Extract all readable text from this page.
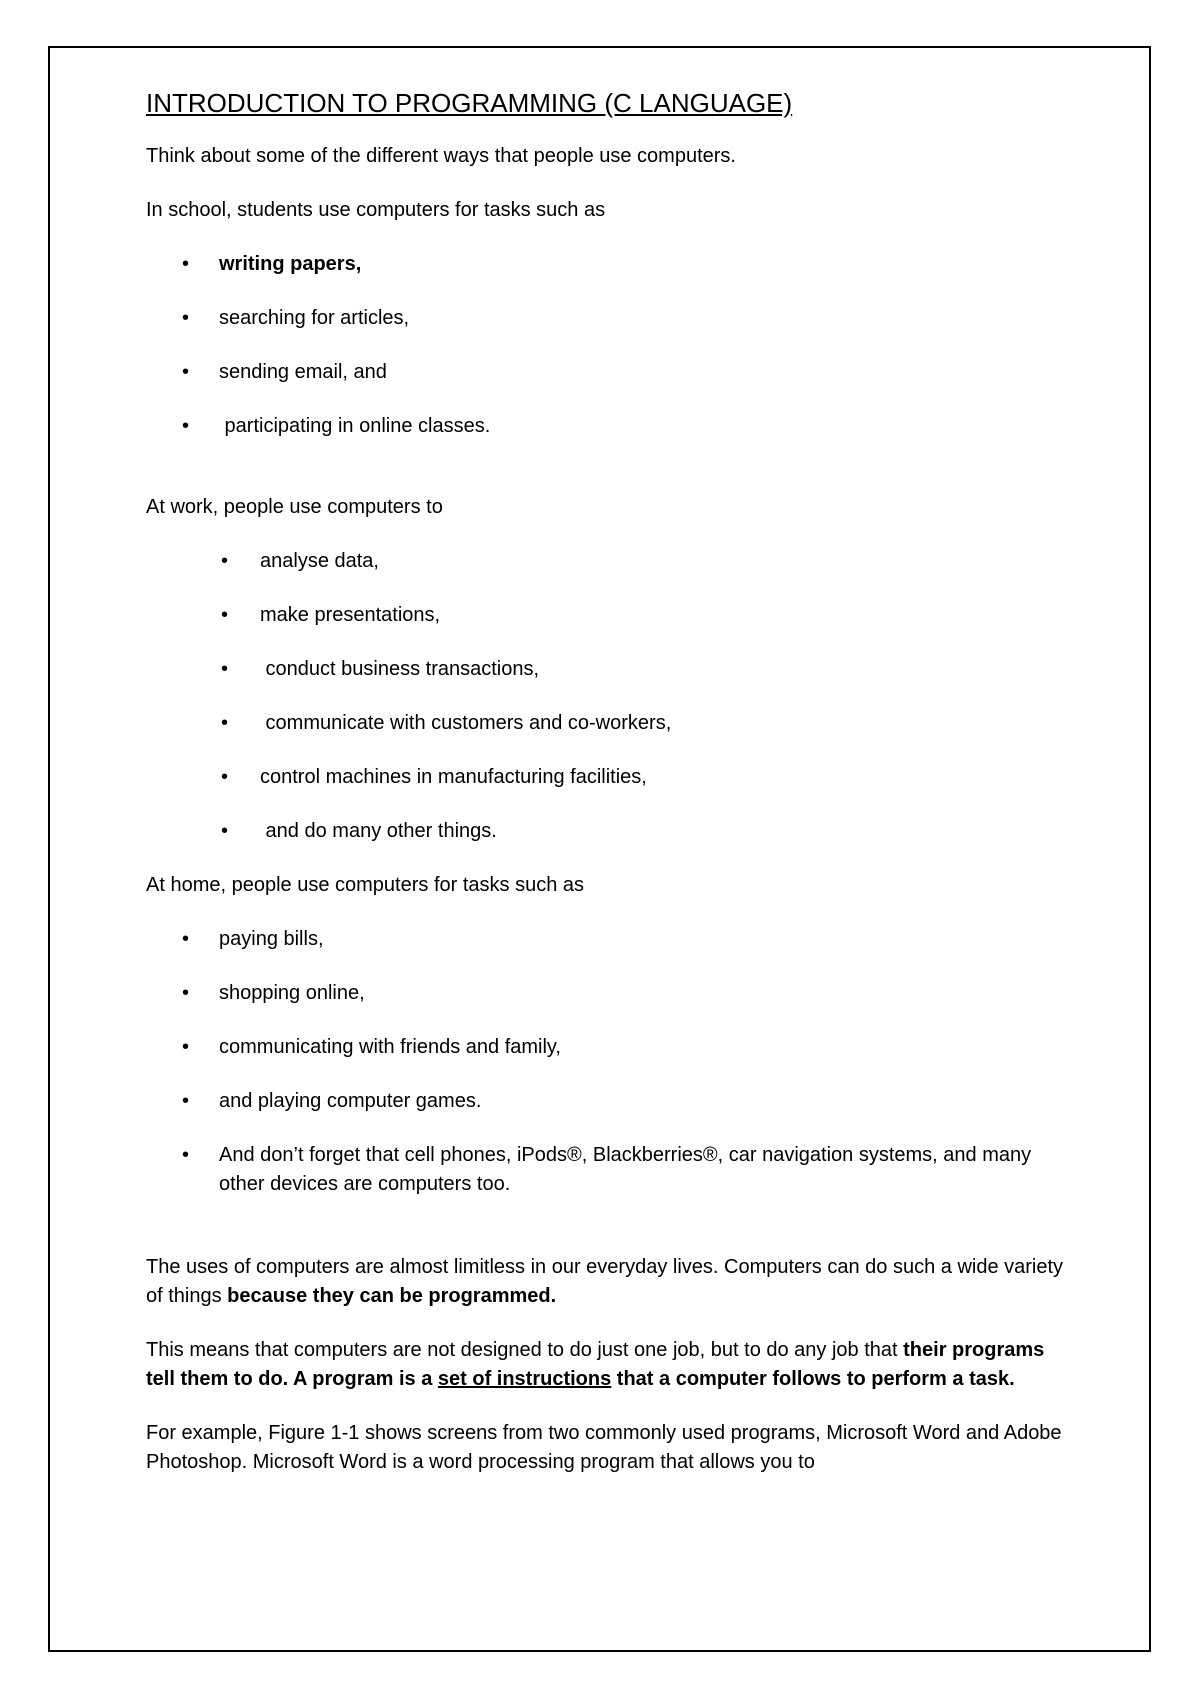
INTRODUCTION TO PROGRAMMING (C LANGUAGE)

Think about some of the different ways that people use computers.

In school, students use computers for tasks such as

• writing papers,
• searching for articles,
• sending email, and
• participating in online classes.

At work, people use computers to

• analyse data,
• make presentations,
• conduct business transactions,
• communicate with customers and co-workers,
• control machines in manufacturing facilities,
• and do many other things.

At home, people use computers for tasks such as

• paying bills,
• shopping online,
• communicating with friends and family,
• and playing computer games.
• And don’t forget that cell phones, iPods®, Blackberries®, car navigation systems, and many other devices are computers too.

The uses of computers are almost limitless in our everyday lives. Computers can do such a wide variety of things because they can be programmed.

This means that computers are not designed to do just one job, but to do any job that their programs tell them to do. A program is a set of instructions that a computer follows to perform a task.

For example, Figure 1-1 shows screens from two commonly used programs, Microsoft Word and Adobe Photoshop. Microsoft Word is a word processing program that allows you to
